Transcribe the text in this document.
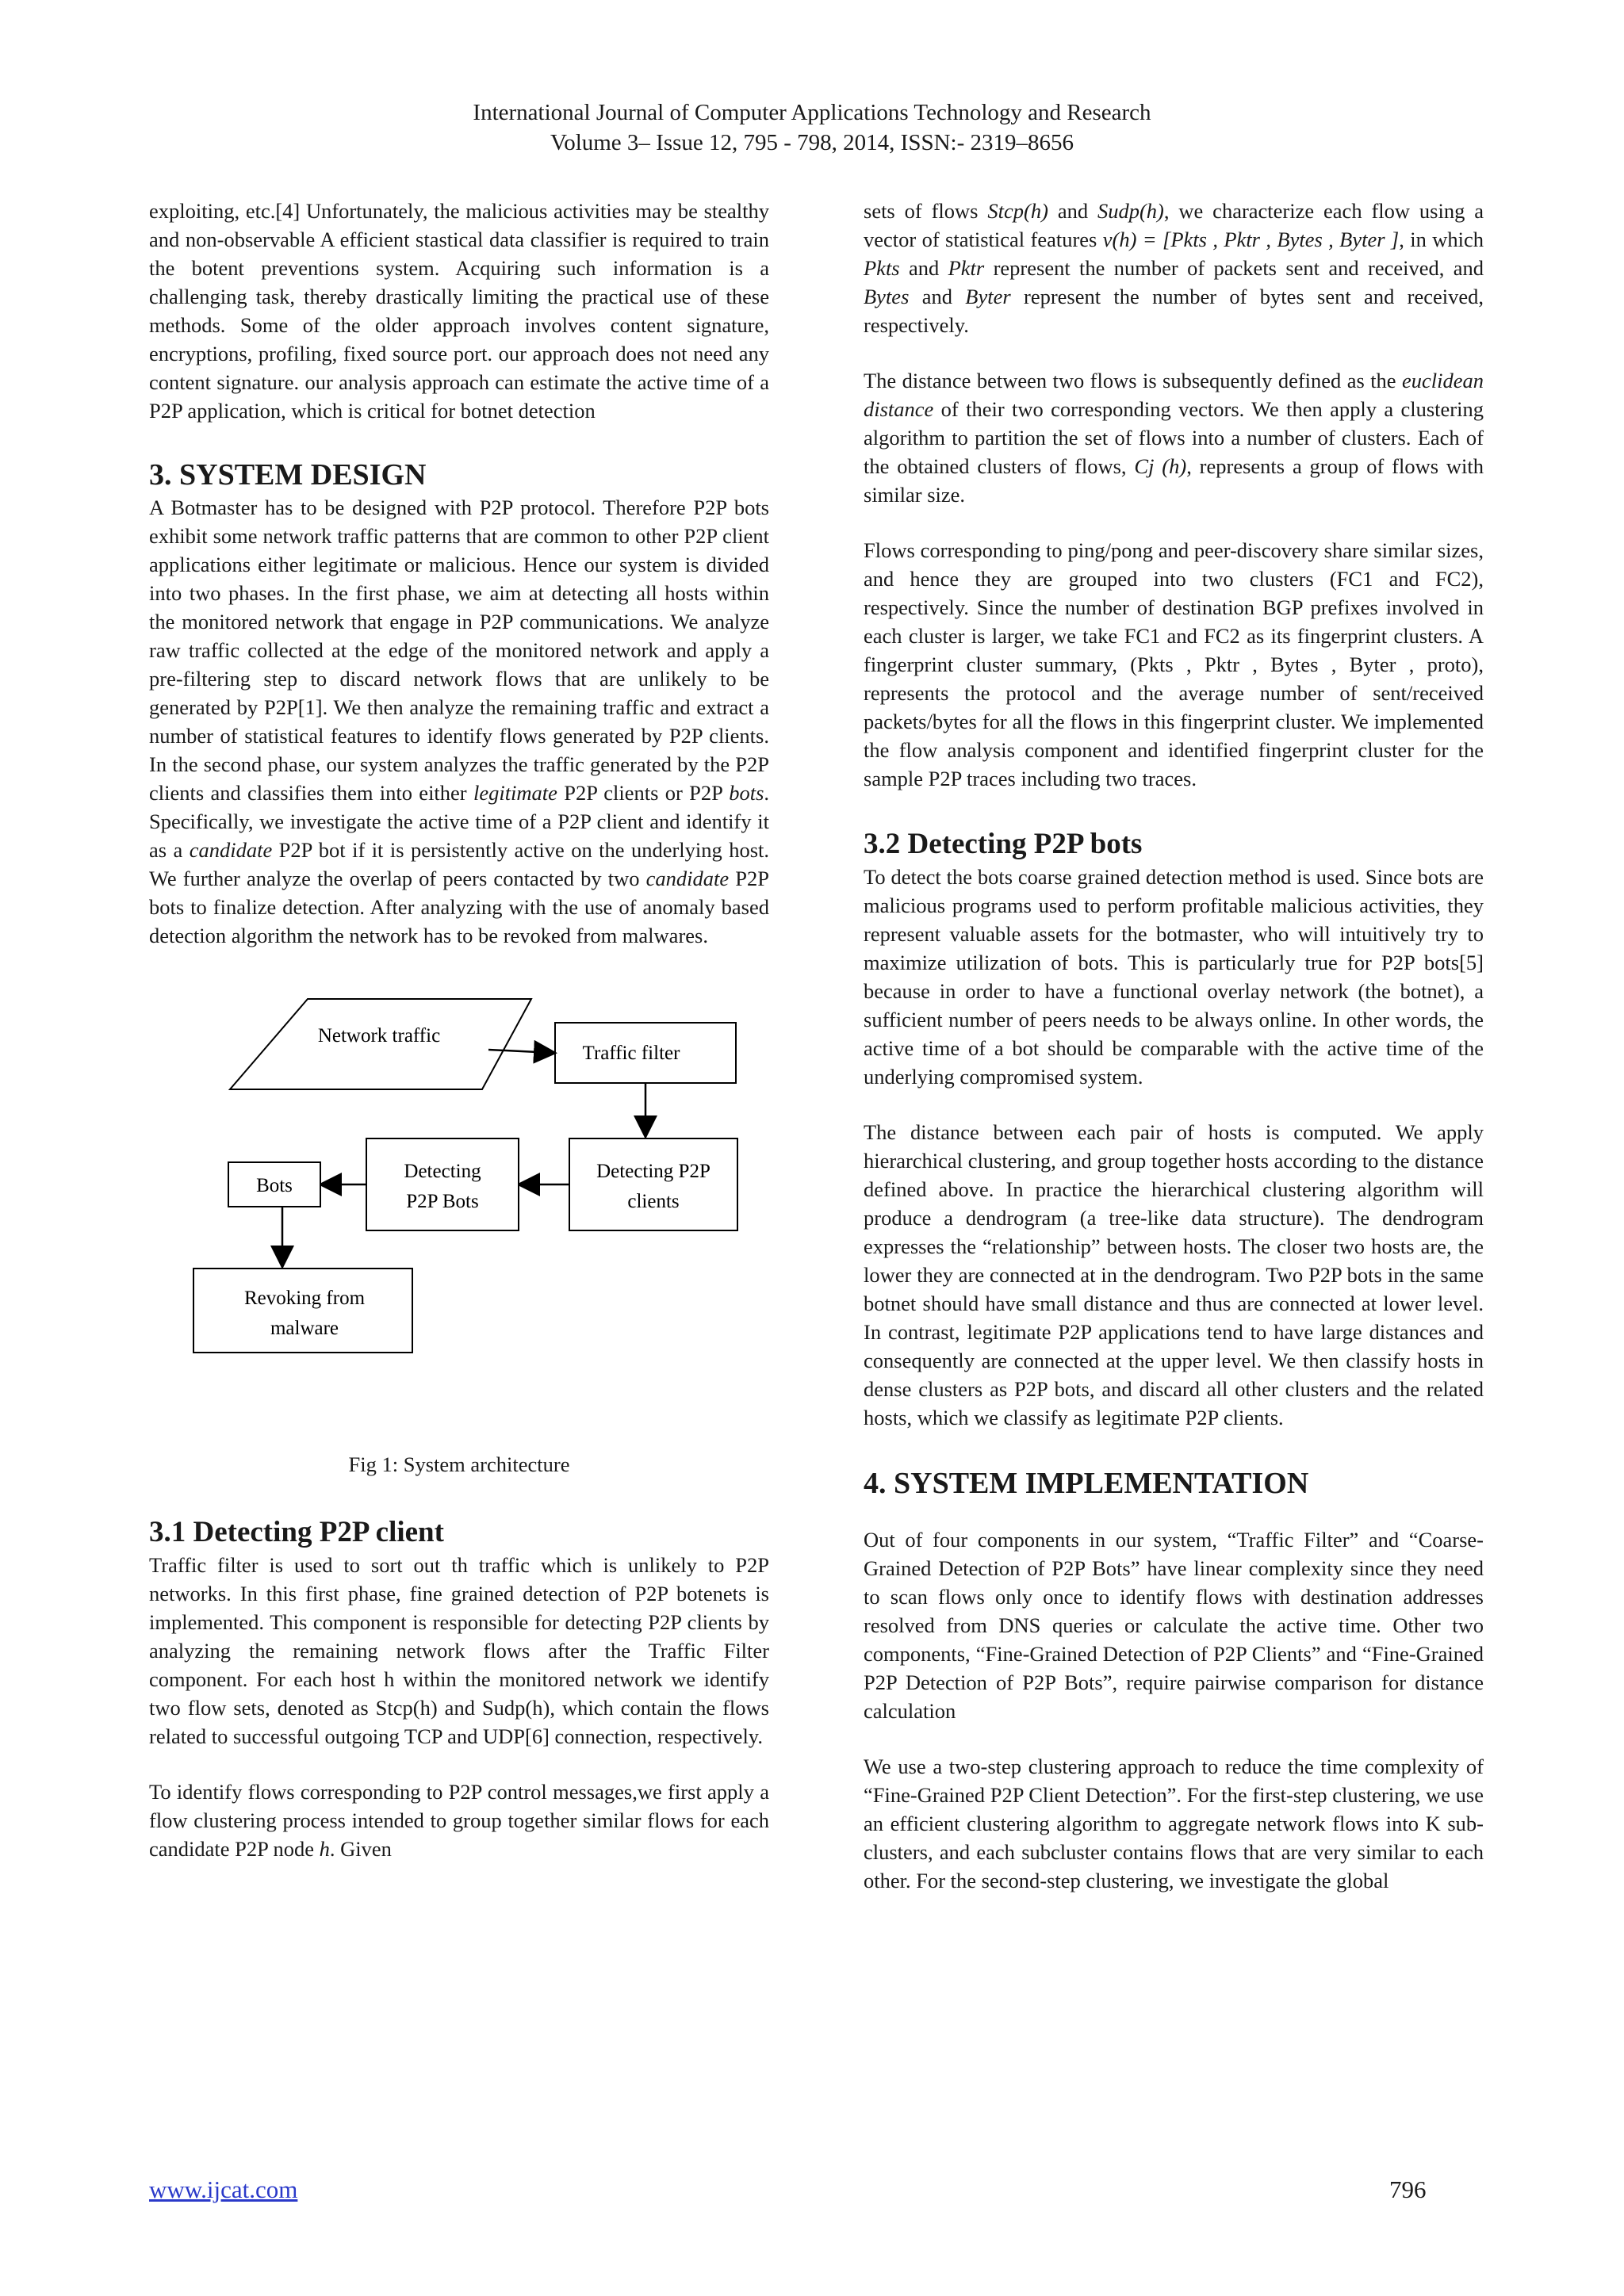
International Journal of Computer Applications Technology and Research
Volume 3– Issue 12, 795 - 798, 2014, ISSN:- 2319–8656

exploiting, etc.[4] Unfortunately, the malicious activities may be stealthy and non-observable A efficient stastical data classifier is required to train the botent preventions system. Acquiring such information is a challenging task, thereby drastically limiting the practical use of these methods. Some of the older approach involves content signature, encryptions, profiling, fixed source port. our approach does not need any content signature. our analysis approach can estimate the active time of a P2P application, which is critical for botnet detection

3. SYSTEM DESIGN

A Botmaster has to be designed with P2P protocol. Therefore P2P bots exhibit some network traffic patterns that are common to other P2P client applications either legitimate or malicious. Hence our system is divided into two phases. In the first phase, we aim at detecting all hosts within the monitored network that engage in P2P communications. We analyze raw traffic collected at the edge of the monitored network and apply a pre-filtering step to discard network flows that are unlikely to be generated by P2P[1]. We then analyze the remaining traffic and extract a number of statistical features to identify flows generated by P2P clients. In the second phase, our system analyzes the traffic generated by the P2P clients and classifies them into either legitimate P2P clients or P2P bots. Specifically, we investigate the active time of a P2P client and identify it as a candidate P2P bot if it is persistently active on the underlying host. We further analyze the overlap of peers contacted by two candidate P2P bots to finalize detection. After analyzing with the use of anomaly based detection algorithm the network has to be revoked from malwares.

Network traffic
Traffic filter
Detecting P2P
clients
Detecting
P2P Bots
Bots
Revoking from
malware
Fig 1: System architecture
3.1 Detecting P2P client

Traffic filter is used to sort out th traffic which is unlikely to P2P networks. In this first phase, fine grained detection of P2P botenets is implemented. This component is responsible for detecting P2P clients by analyzing the remaining network flows after the Traffic Filter component. For each host h within the monitored network we identify two flow sets, denoted as Stcp(h) and Sudp(h), which contain the flows related to successful outgoing TCP and UDP[6] connection, respectively.

To identify flows corresponding to P2P control messages,we first apply a flow clustering process intended to group together similar flows for each candidate P2P node h. Given

sets of flows Stcp(h) and Sudp(h), we characterize each flow using a vector of statistical features v(h) = [Pkts , Pktr , Bytes , Byter ], in which Pkts and Pktr represent the number of packets sent and received, and Bytes and Byter represent the number of bytes sent and received, respectively.

The distance between two flows is subsequently defined as the euclidean distance of their two corresponding vectors. We then apply a clustering algorithm to partition the set of flows into a number of clusters. Each of the obtained clusters of flows, Cj (h), represents a group of flows with similar size.

Flows corresponding to ping/pong and peer-discovery share similar sizes, and hence they are grouped into two clusters (FC1 and FC2), respectively. Since the number of destination BGP prefixes involved in each cluster is larger, we take FC1 and FC2 as its fingerprint clusters. A fingerprint cluster summary, (Pkts , Pktr , Bytes , Byter , proto), represents the protocol and the average number of sent/received packets/bytes for all the flows in this fingerprint cluster. We implemented the flow analysis component and identified fingerprint cluster for the sample P2P traces including two traces.

3.2 Detecting P2P bots

To detect the bots coarse grained detection method is used. Since bots are malicious programs used to perform profitable malicious activities, they represent valuable assets for the botmaster, who will intuitively try to maximize utilization of bots. This is particularly true for P2P bots[5] because in order to have a functional overlay network (the botnet), a sufficient number of peers needs to be always online. In other words, the active time of a bot should be comparable with the active time of the underlying compromised system.

The distance between each pair of hosts is computed. We apply hierarchical clustering, and group together hosts according to the distance defined above. In practice the hierarchical clustering algorithm will produce a dendrogram (a tree-like data structure). The dendrogram expresses the “relationship” between hosts. The closer two hosts are, the lower they are connected at in the dendrogram. Two P2P bots in the same botnet should have small distance and thus are connected at lower level. In contrast, legitimate P2P applications tend to have large distances and consequently are connected at the upper level. We then classify hosts in dense clusters as P2P bots, and discard all other clusters and the related hosts, which we classify as legitimate P2P clients.

4. SYSTEM IMPLEMENTATION

Out of four components in our system, “Traffic Filter” and “Coarse-Grained Detection of P2P Bots” have linear complexity since they need to scan flows only once to identify flows with destination addresses resolved from DNS queries or calculate the active time. Other two components, “Fine-Grained Detection of P2P Clients” and “Fine-Grained P2P Detection of P2P Bots”, require pairwise comparison for distance calculation

We use a two-step clustering approach to reduce the time complexity of “Fine-Grained P2P Client Detection”. For the first-step clustering, we use an efficient clustering algorithm to aggregate network flows into K sub-clusters, and each subcluster contains flows that are very similar to each other. For the second-step clustering, we investigate the global

www.ijcat.com	796
